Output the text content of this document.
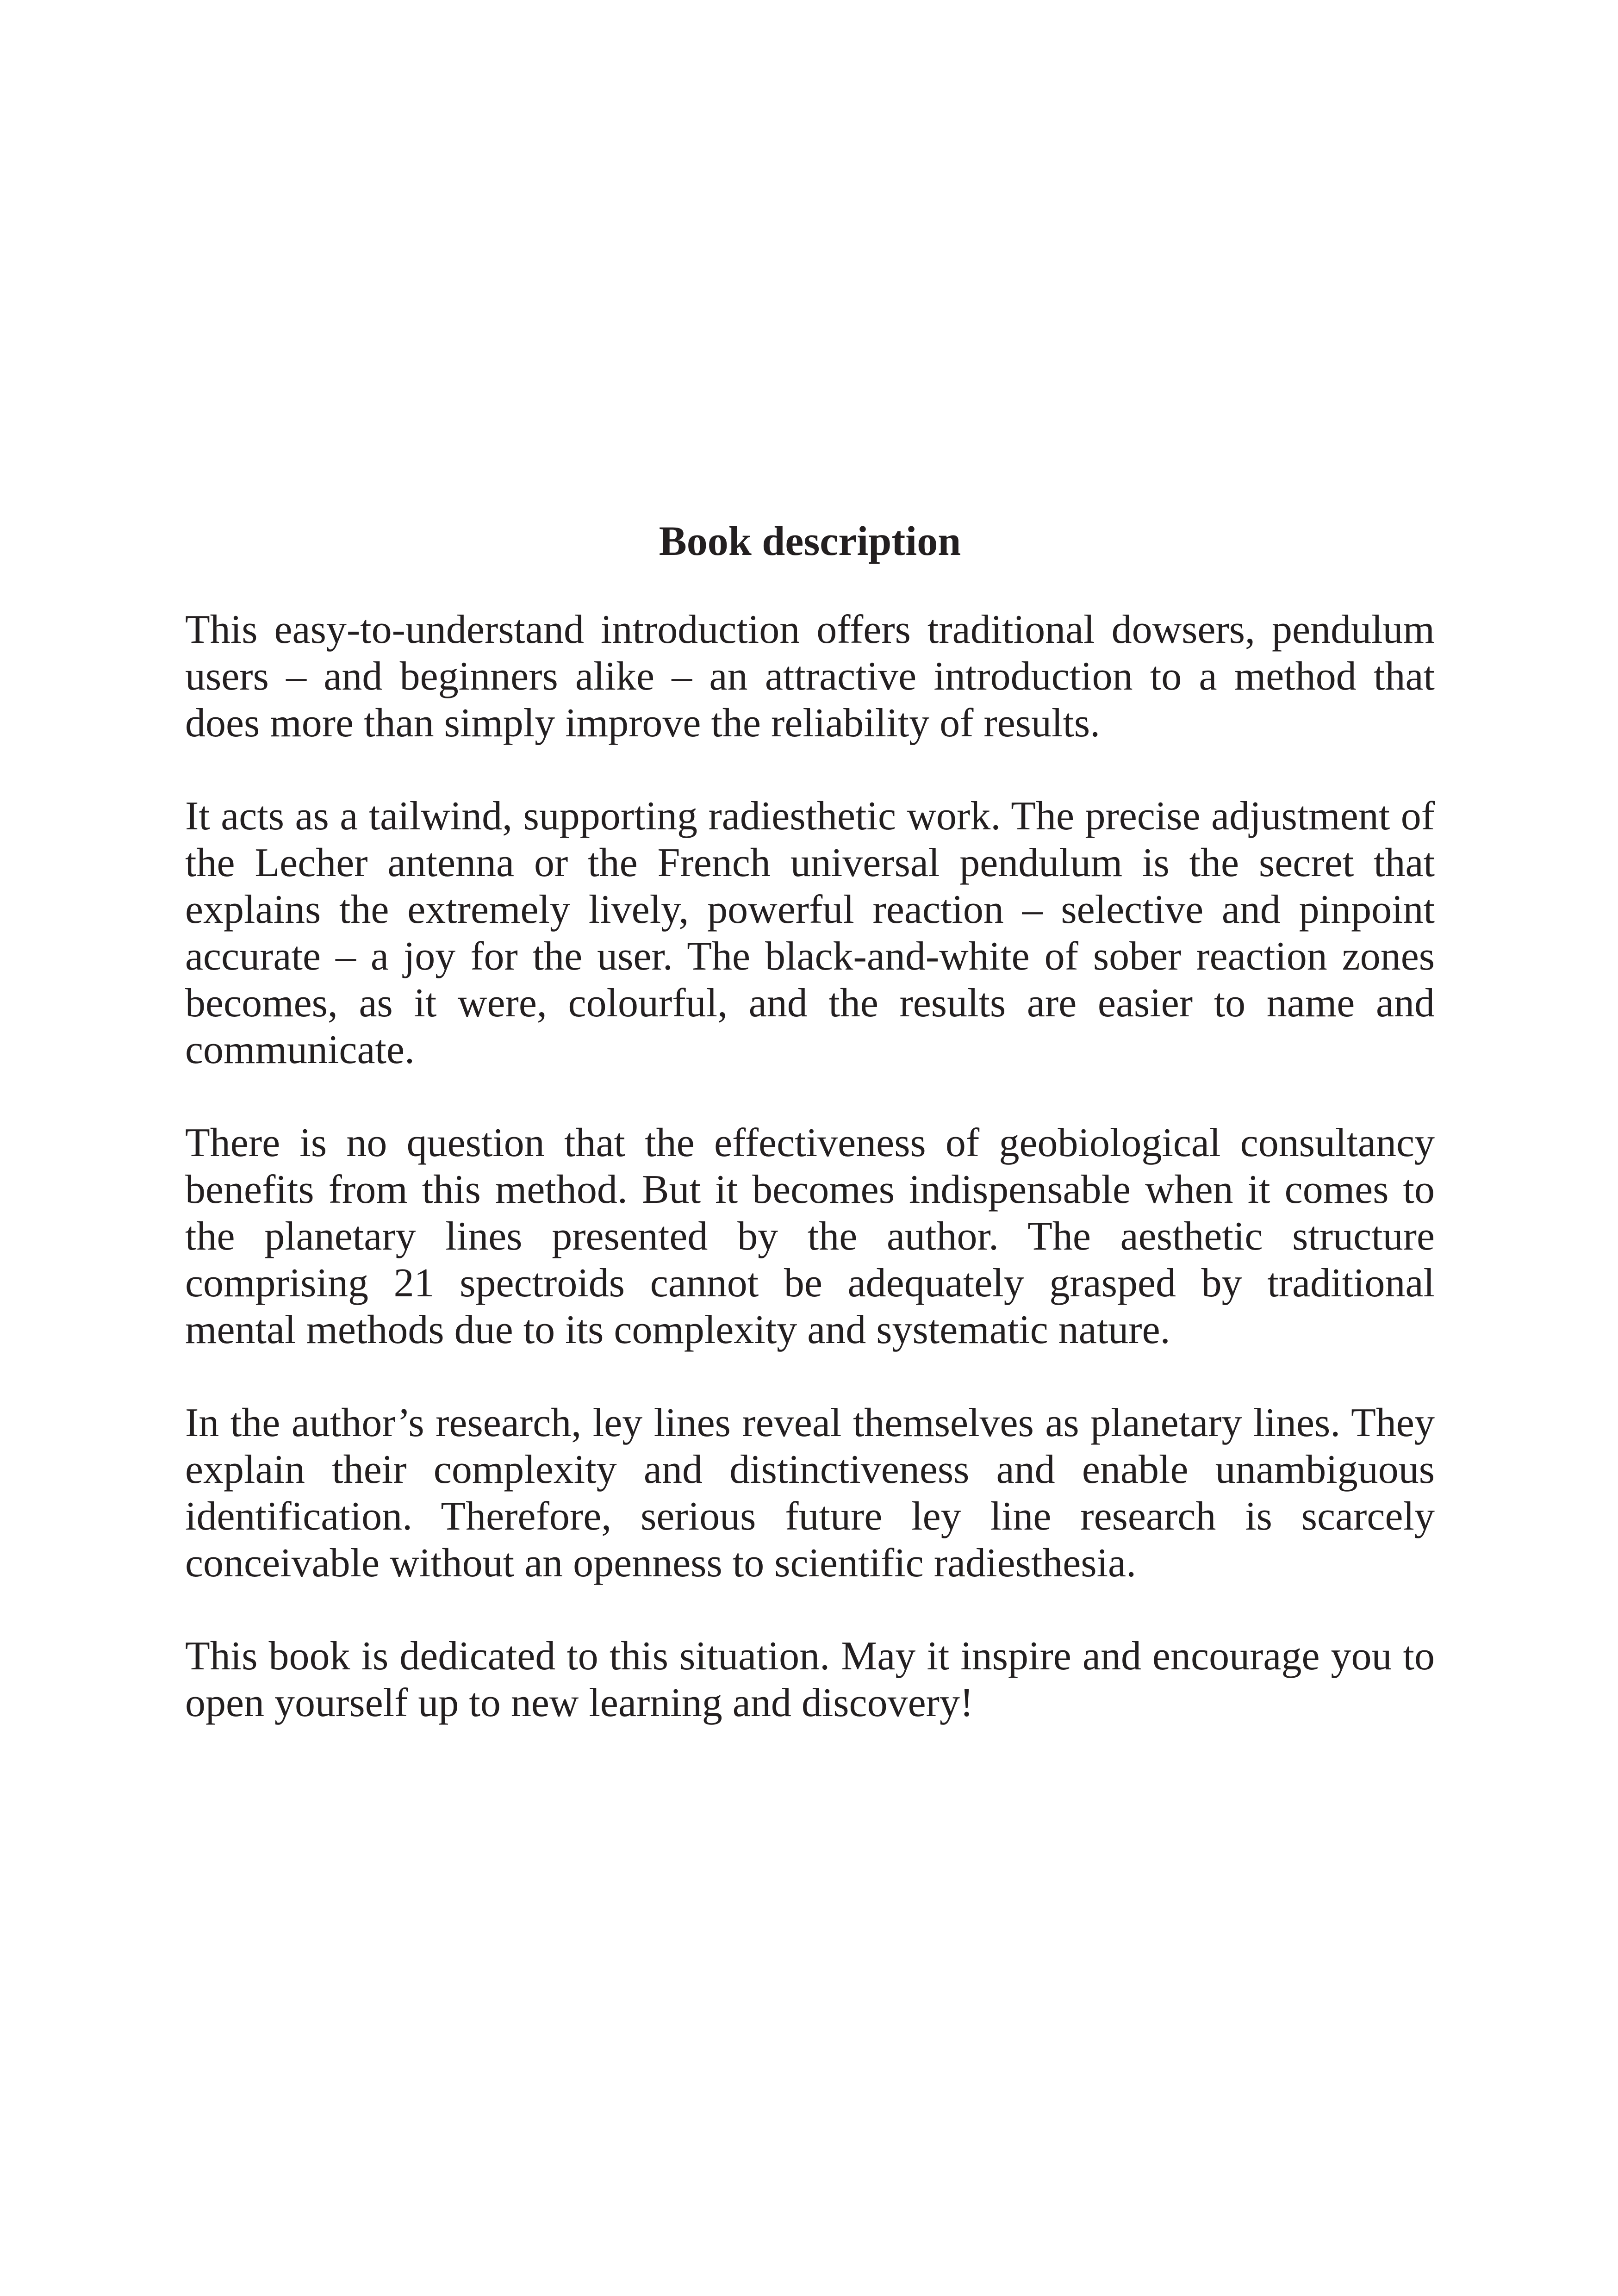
Book description

This easy-to-understand introduction offers traditional dowsers, pendulum users – and beginners alike – an attractive introduction to a method that does more than simply improve the reliability of results.

It acts as a tailwind, supporting radiesthetic work. The precise adjustment of the Lecher antenna or the French universal pendulum is the secret that explains the extremely lively, powerful reaction – selective and pinpoint accurate – a joy for the user. The black-and-white of sober reaction zones becomes, as it were, colourful, and the results are easier to name and communicate.

There is no question that the effectiveness of geobiological consultancy benefits from this method. But it becomes indispensable when it comes to the planetary lines presented by the author. The aesthetic structure comprising 21 spectroids cannot be adequately grasped by traditional mental methods due to its complexity and systematic nature.

In the author’s research, ley lines reveal themselves as planetary lines. They explain their complexity and distinctiveness and enable unambiguous identification. Therefore, serious future ley line research is scarcely conceivable without an openness to scientific radiesthesia.

This book is dedicated to this situation. May it inspire and encourage you to open yourself up to new learning and discovery!
